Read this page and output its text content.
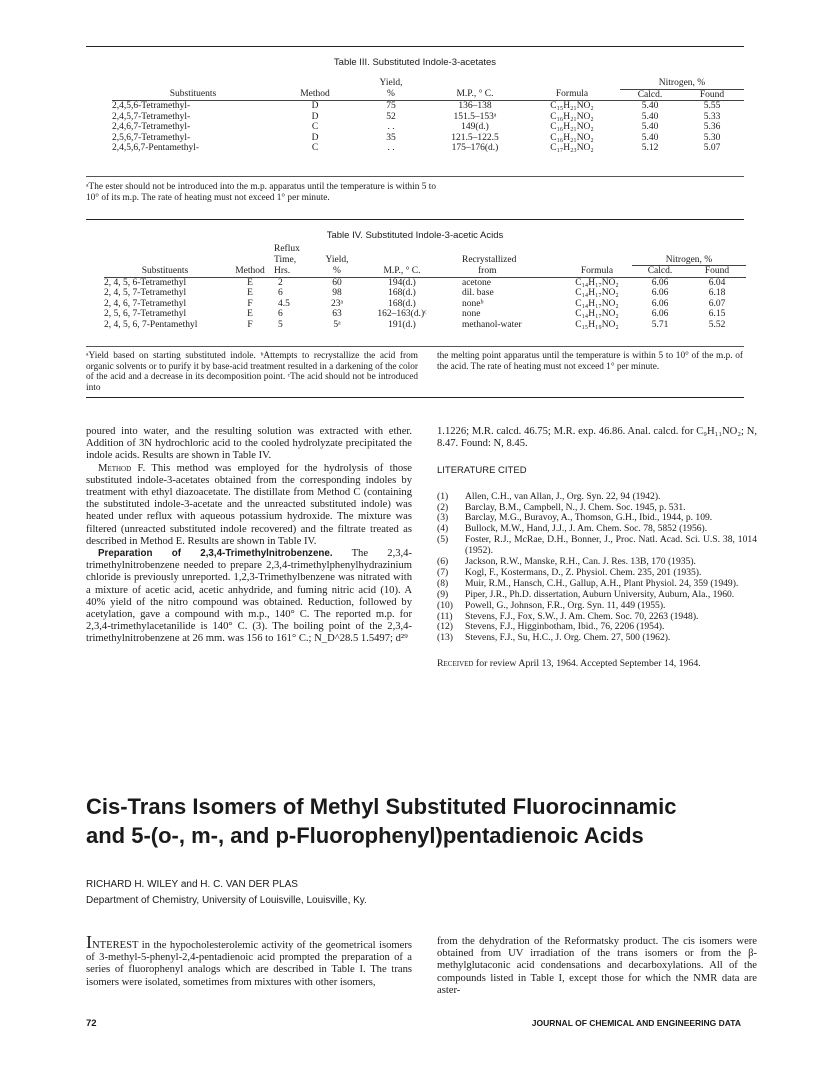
Table III. Substituted Indole-3-acetates
		Yield,			Nitrogen, %	
Substituents	Method	%	M.P., ° C.	Formula	Calcd.	Found
2,4,5,6-Tetramethyl-	D	75	136–138	C₁₅H₂₁NO₂	5.40	5.55
2,4,5,7-Tetramethyl-	D	52	151.5–153ᵃ	C₁₆H₂₁NO₂	5.40	5.33
2,4,6,7-Tetramethyl-	C	. .	149(d.)	C₁₆H₂₁NO₂	5.40	5.36
2,5,6,7-Tetramethyl-	D	35	121.5–122.5	C₁₆H₂₁NO₂	5.40	5.30
2,4,5,6,7-Pentamethyl-	C	. .	175–176(d.)	C₁₇H₂₃NO₂	5.12	5.07
ᵃThe ester should not be introduced into the m.p. apparatus until the temperature is within 5 to 10° of its m.p. The rate of heating must not exceed 1° per minute.
Table IV. Substituted Indole-3-acetic Acids
		Reflux						
		Time,	Yield,		Recrystallized		Nitrogen, %	
Substituents	Method	Hrs.	%	M.P., ° C.	from	Formula	Calcd.	Found
2, 4, 5, 6-Tetramethyl	E	2	60	194(d.)	acetone	C₁₄H₁₇NO₂	6.06	6.04
2, 4, 5, 7-Tetramethyl	E	6	98	168(d.)	dil. base	C₁₄H₁₇NO₂	6.06	6.18
2, 4, 6, 7-Tetramethyl	F	4.5	23ᵃ	168(d.)	noneᵇ	C₁₄H₁₇NO₂	6.06	6.07
2, 5, 6, 7-Tetramethyl	E	6	63	162–163(d.)ᶜ	none	C₁₄H₁₇NO₂	6.06	6.15
2, 4, 5, 6, 7-Pentamethyl	F	5	5ᵃ	191(d.)	methanol-water	C₁₅H₁₉NO₂	5.71	5.52
ᵃYield based on starting substituted indole. ᵇAttempts to recrystallize the acid from organic solvents or to purify it by base-acid treatment resulted in a darkening of the color of the acid and a decrease in its decomposition point. ᶜThe acid should not be introduced into
the melting point apparatus until the temperature is within 5 to 10° of the m.p. of the acid. The rate of heating must not exceed 1° per minute.

poured into water, and the resulting solution was extracted with ether. Addition of 3N hydrochloric acid to the cooled hydrolyzate precipitated the indole acids. Results are shown in Table IV.

Method F. This method was employed for the hydrolysis of those substituted indole-3-acetates obtained from the corresponding indoles by treatment with ethyl diazoacetate. The distillate from Method C (containing the substituted indole-3-acetate and the unreacted substituted indole) was heated under reflux with aqueous potassium hydroxide. The mixture was filtered (unreacted substituted indole recovered) and the filtrate treated as described in Method E. Results are shown in Table IV.

Preparation of 2,3,4-Trimethylnitrobenzene. The 2,3,4-trimethylnitrobenzene needed to prepare 2,3,4-trimethylphenylhydrazinium chloride is previously unreported. 1,2,3-Trimethylbenzene was nitrated with a mixture of acetic acid, acetic anhydride, and fuming nitric acid (10). A 40% yield of the nitro compound was obtained. Reduction, followed by acetylation, gave a compound with m.p., 140° C. The reported m.p. for 2,3,4-trimethylacetanilide is 140° C. (3). The boiling point of the 2,3,4-trimethylnitrobenzene at 26 mm. was 156 to 161° C.; N_D^28.5 1.5497; d²⁹

1.1226; M.R. calcd. 46.75; M.R. exp. 46.86. Anal. calcd. for C₉H₁₁NO₂; N, 8.47. Found: N, 8.45.

LITERATURE CITED
(1)	Allen, C.H., van Allan, J., Org. Syn. 22, 94 (1942).
(2)	Barclay, B.M., Campbell, N., J. Chem. Soc. 1945, p. 531.
(3)	Barclay, M.G., Buravoy, A., Thomson, G.H., Ibid., 1944, p. 109.
(4)	Bullock, M.W., Hand, J.J., J. Am. Chem. Soc. 78, 5852 (1956).
(5)	Foster, R.J., McRae, D.H., Bonner, J., Proc. Natl. Acad. Sci. U.S. 38, 1014 (1952).
(6)	Jackson, R.W., Manske, R.H., Can. J. Res. 13B, 170 (1935).
(7)	Kogl, F., Kostermans, D., Z. Physiol. Chem. 235, 201 (1935).
(8)	Muir, R.M., Hansch, C.H., Gallup, A.H., Plant Physiol. 24, 359 (1949).
(9)	Piper, J.R., Ph.D. dissertation, Auburn University, Auburn, Ala., 1960.
(10)	Powell, G., Johnson, F.R., Org. Syn. 11, 449 (1955).
(11)	Stevens, F.J., Fox, S.W., J. Am. Chem. Soc. 70, 2263 (1948).
(12)	Stevens, F.J., Higginbotham, Ibid., 76, 2206 (1954).
(13)	Stevens, F.J., Su, H.C., J. Org. Chem. 27, 500 (1962).

Received for review April 13, 1964. Accepted September 14, 1964.

Cis-Trans Isomers of Methyl Substituted Fluorocinnamic
and 5-(o-, m-, and p-Fluorophenyl)pentadienoic Acids
RICHARD H. WILEY and H. C. VAN DER PLAS
Department of Chemistry, University of Louisville, Louisville, Ky.

INTEREST in the hypocholesterolemic activity of the geometrical isomers of 3-methyl-5-phenyl-2,4-pentadienoic acid prompted the preparation of a series of fluorophenyl analogs which are described in Table I. The trans isomers were isolated, sometimes from mixtures with other isomers,

from the dehydration of the Reformatsky product. The cis isomers were obtained from UV irradiation of the trans isomers or from the β-methylglutaconic acid condensations and decarboxylations. All of the compounds listed in Table I, except those for which the NMR data are aster-

72	JOURNAL OF CHEMICAL AND ENGINEERING DATA
